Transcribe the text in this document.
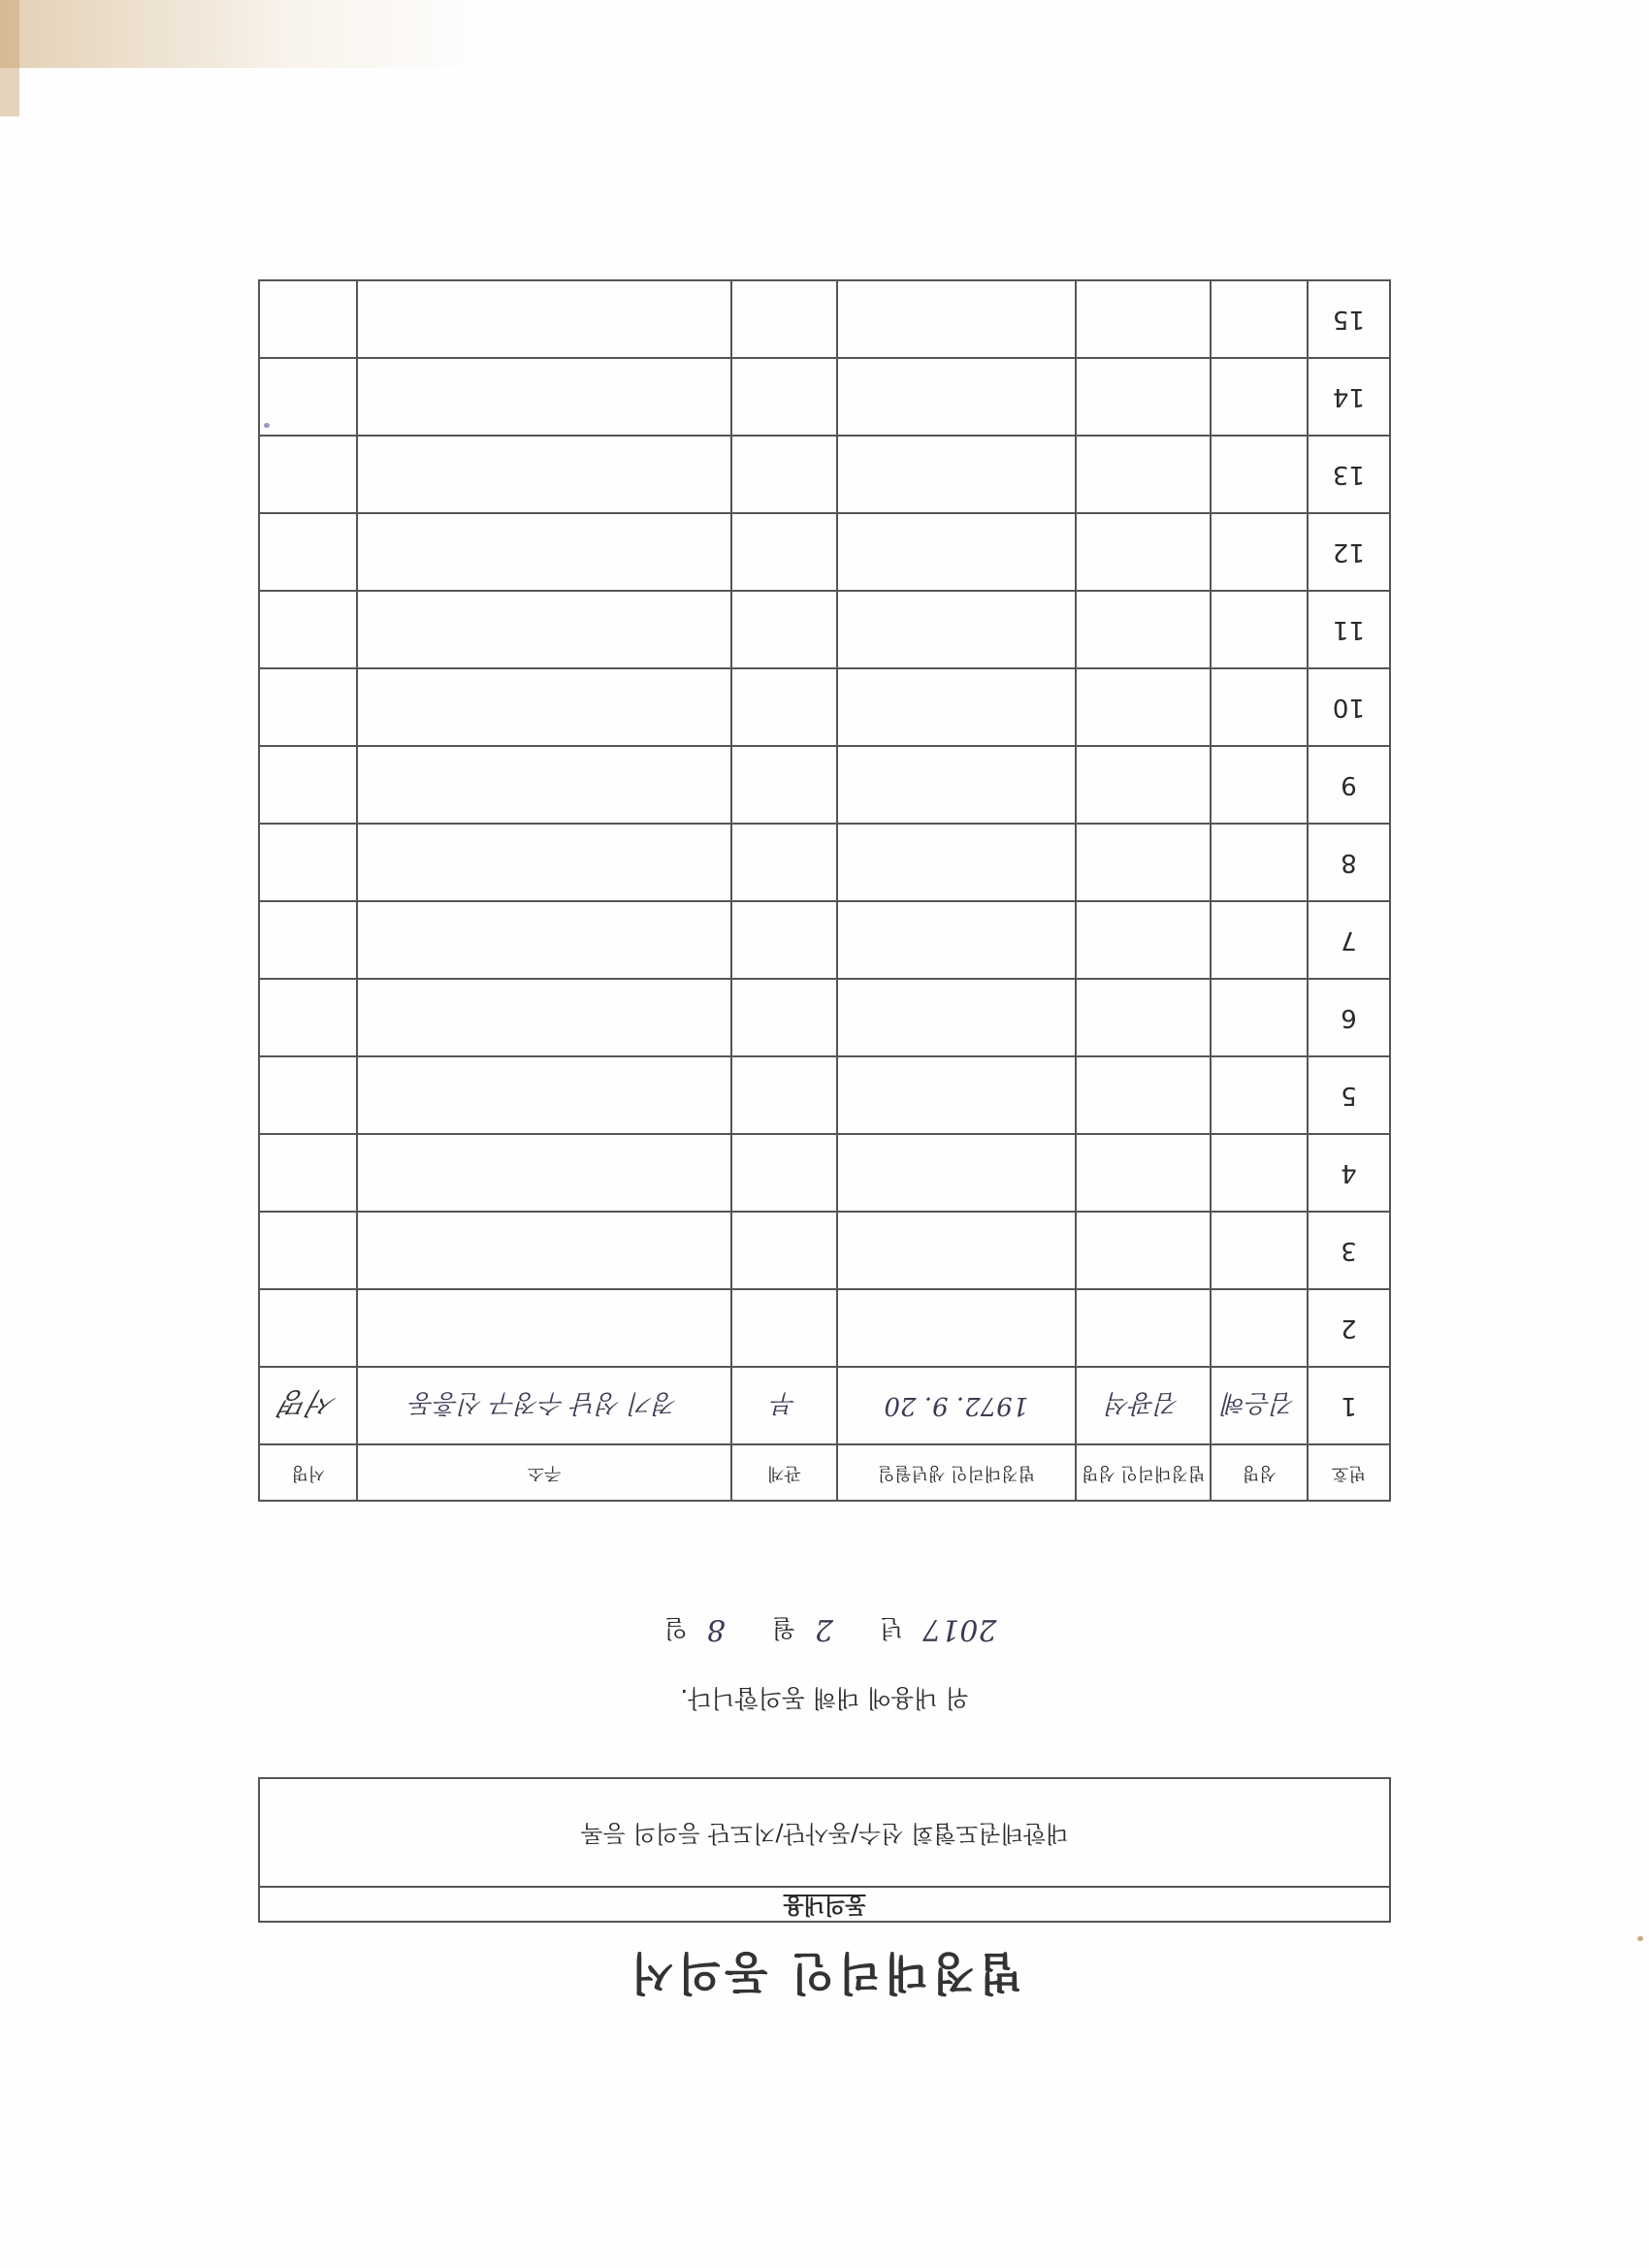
법정대리인 동의서
동의내용
대한테권도협회 선수/동사단/지도단 등의의 등록
위 내용에 대해 동의합니다.
2017년 2월 8일
번호	성명	법정대리인 성명	법정대리인 생년월일	관계	주소	서명
1	김은혜	김광석	1972. 9. 20	부	경기 성남 수정구 신흥동	서명
2						
3						
4						
5						
6						
7						
8						
9						
10						
11						
12						
13						
14						
15						
